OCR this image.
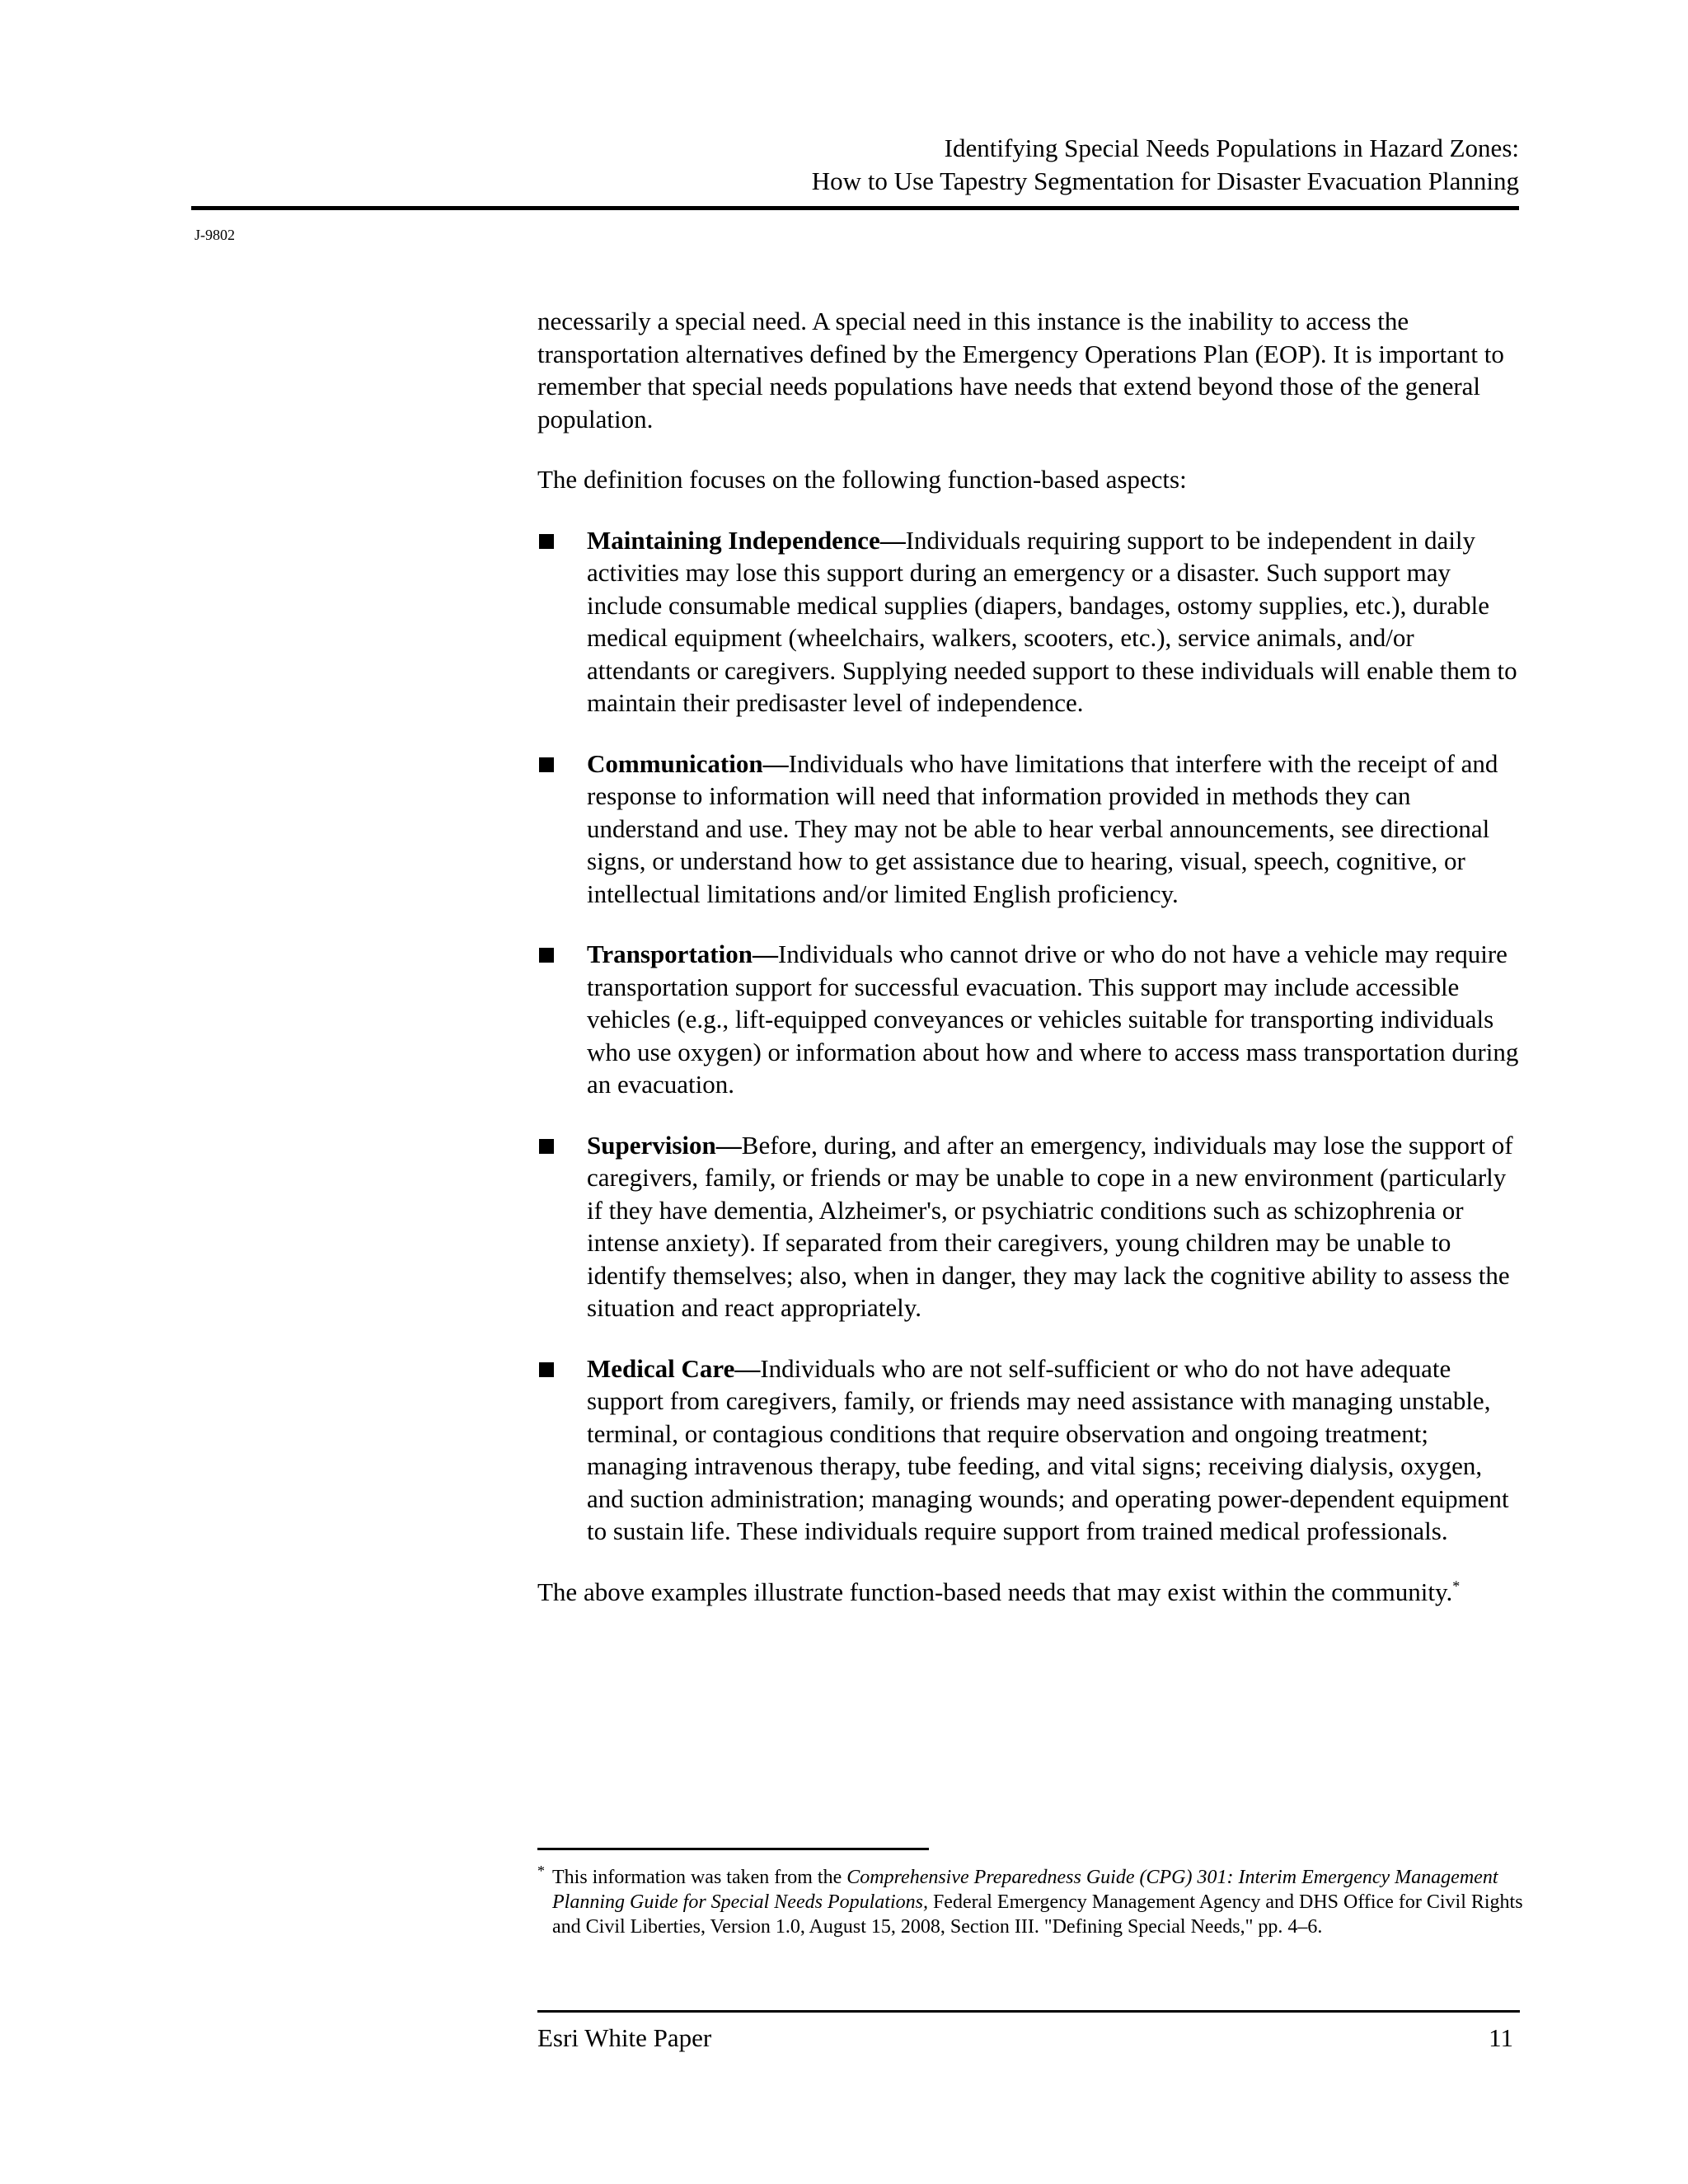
Identifying Special Needs Populations in Hazard Zones:
How to Use Tapestry Segmentation for Disaster Evacuation Planning
J-9802

necessarily a special need. A special need in this instance is the inability to access the transportation alternatives defined by the Emergency Operations Plan (EOP). It is important to remember that special needs populations have needs that extend beyond those of the general population.

The definition focuses on the following function-based aspects:

Maintaining Independence—Individuals requiring support to be independent in daily activities may lose this support during an emergency or a disaster. Such support may include consumable medical supplies (diapers, bandages, ostomy supplies, etc.), durable medical equipment (wheelchairs, walkers, scooters, etc.), service animals, and/or attendants or caregivers. Supplying needed support to these individuals will enable them to maintain their predisaster level of independence.
Communication—Individuals who have limitations that interfere with the receipt of and response to information will need that information provided in methods they can understand and use. They may not be able to hear verbal announcements, see directional signs, or understand how to get assistance due to hearing, visual, speech, cognitive, or intellectual limitations and/or limited English proficiency.
Transportation—Individuals who cannot drive or who do not have a vehicle may require transportation support for successful evacuation. This support may include accessible vehicles (e.g., lift-equipped conveyances or vehicles suitable for transporting individuals who use oxygen) or information about how and where to access mass transportation during an evacuation.
Supervision—Before, during, and after an emergency, individuals may lose the support of caregivers, family, or friends or may be unable to cope in a new environment (particularly if they have dementia, Alzheimer's, or psychiatric conditions such as schizophrenia or intense anxiety). If separated from their caregivers, young children may be unable to identify themselves; also, when in danger, they may lack the cognitive ability to assess the situation and react appropriately.
Medical Care—Individuals who are not self-sufficient or who do not have adequate support from caregivers, family, or friends may need assistance with managing unstable, terminal, or contagious conditions that require observation and ongoing treatment; managing intravenous therapy, tube feeding, and vital signs; receiving dialysis, oxygen, and suction administration; managing wounds; and operating power-dependent equipment to sustain life. These individuals require support from trained medical professionals.

The above examples illustrate function-based needs that may exist within the community.*

* This information was taken from the Comprehensive Preparedness Guide (CPG) 301: Interim Emergency Management Planning Guide for Special Needs Populations, Federal Emergency Management Agency and DHS Office for Civil Rights and Civil Liberties, Version 1.0, August 15, 2008, Section III. "Defining Special Needs," pp. 4–6.
Esri White Paper	11
